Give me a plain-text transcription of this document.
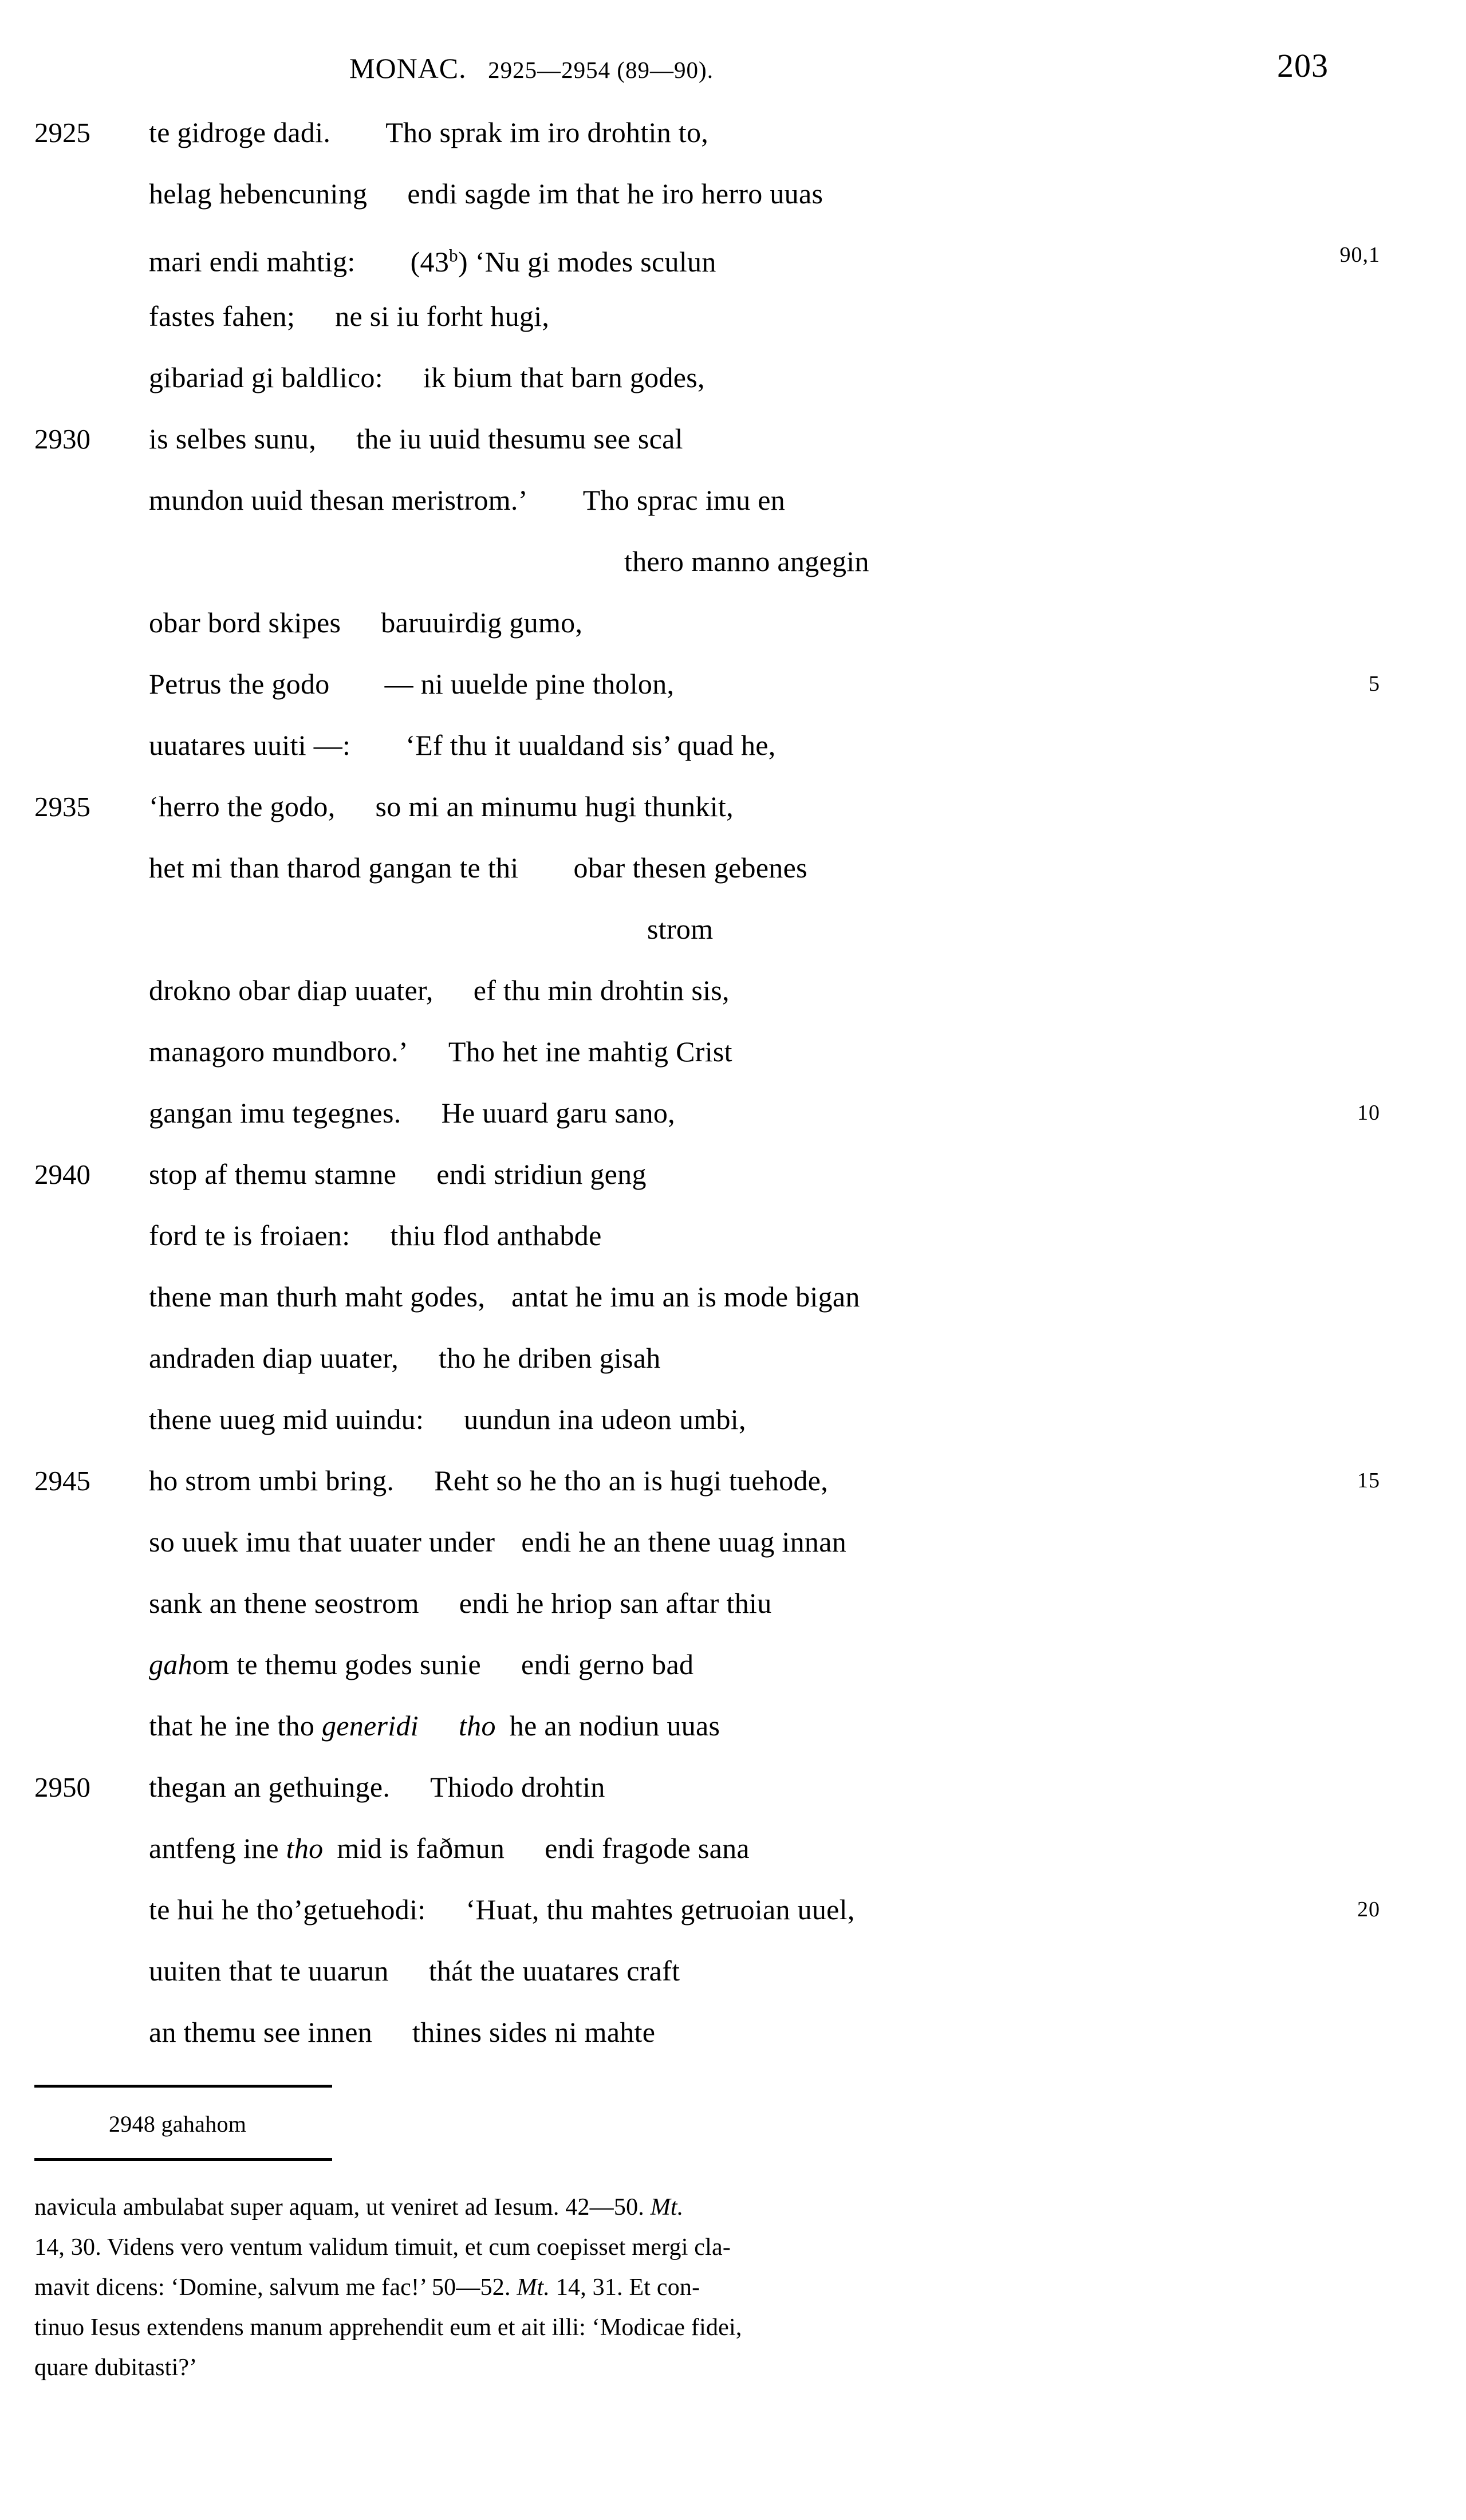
MONAC. 2925—2954 (89—90).	203
2925	te gidroge dadi. Tho sprak im iro drohtin to,
helag hebencuning endi sagde im that he iro herro uuas
mari endi mahtig: (43$^b$) ‘Nu gi modes sculun	90,1
fastes fahen; ne si iu forht hugi,
gibariad gi baldlico: ik bium that barn godes,
2930	is selbes sunu, the iu uuid thesumu see scal
mundon uuid thesan meristrom.’ Tho sprac imu en
thero manno angegin
obar bord skipes baruuirdig gumo,
Petrus the godo — ni uuelde pine tholon,	5
uuatares uuiti —: ‘Ef thu it uualdand sis’ quad he,
2935	‘herro the godo, so mi an minumu hugi thunkit,
het mi than tharod gangan te thi obar thesen gebenes
strom
drokno obar diap uuater, ef thu min drohtin sis,
managoro mundboro.’ Tho het ine mahtig Crist
gangan imu tegegnes. He uuard garu sano,	10
2940	stop af themu stamne endi stridiun geng
ford te is froiaen: thiu flod anthabde
thene man thurh maht godes, antat he imu an is mode bigan
andraden diap uuater, tho he driben gisah
thene uueg mid uuindu: uundun ina udeon umbi,
2945	ho strom umbi bring. Reht so he tho an is hugi tuehode,	15
so uuek imu that uuater under endi he an thene uuag innan
sank an thene seostrom endi he hriop san aftar thiu
gahom te themu godes sunie endi gerno bad
that he ine tho generidi tho he an nodiun uuas
2950	thegan an gethuinge. Thiodo drohtin
antfeng ine tho mid is faðmun endi fragode sana
te hui he tho’getuehodi: ‘Huat, thu mahtes getruoian uuel,	20
uuiten that te uuarun thát the uuatares craft
an themu see innen thines sides ni mahte
2948 gahahom
navicula ambulabat super aquam, ut veniret ad Iesum. 42—50. Mt.
14, 30. Videns vero ventum validum timuit, et cum coepisset mergi cla-
mavit dicens: ‘Domine, salvum me fac!’ 50—52. Mt. 14, 31. Et con-
tinuo Iesus extendens manum apprehendit eum et ait illi: ‘Modicae fidei,
quare dubitasti?’
